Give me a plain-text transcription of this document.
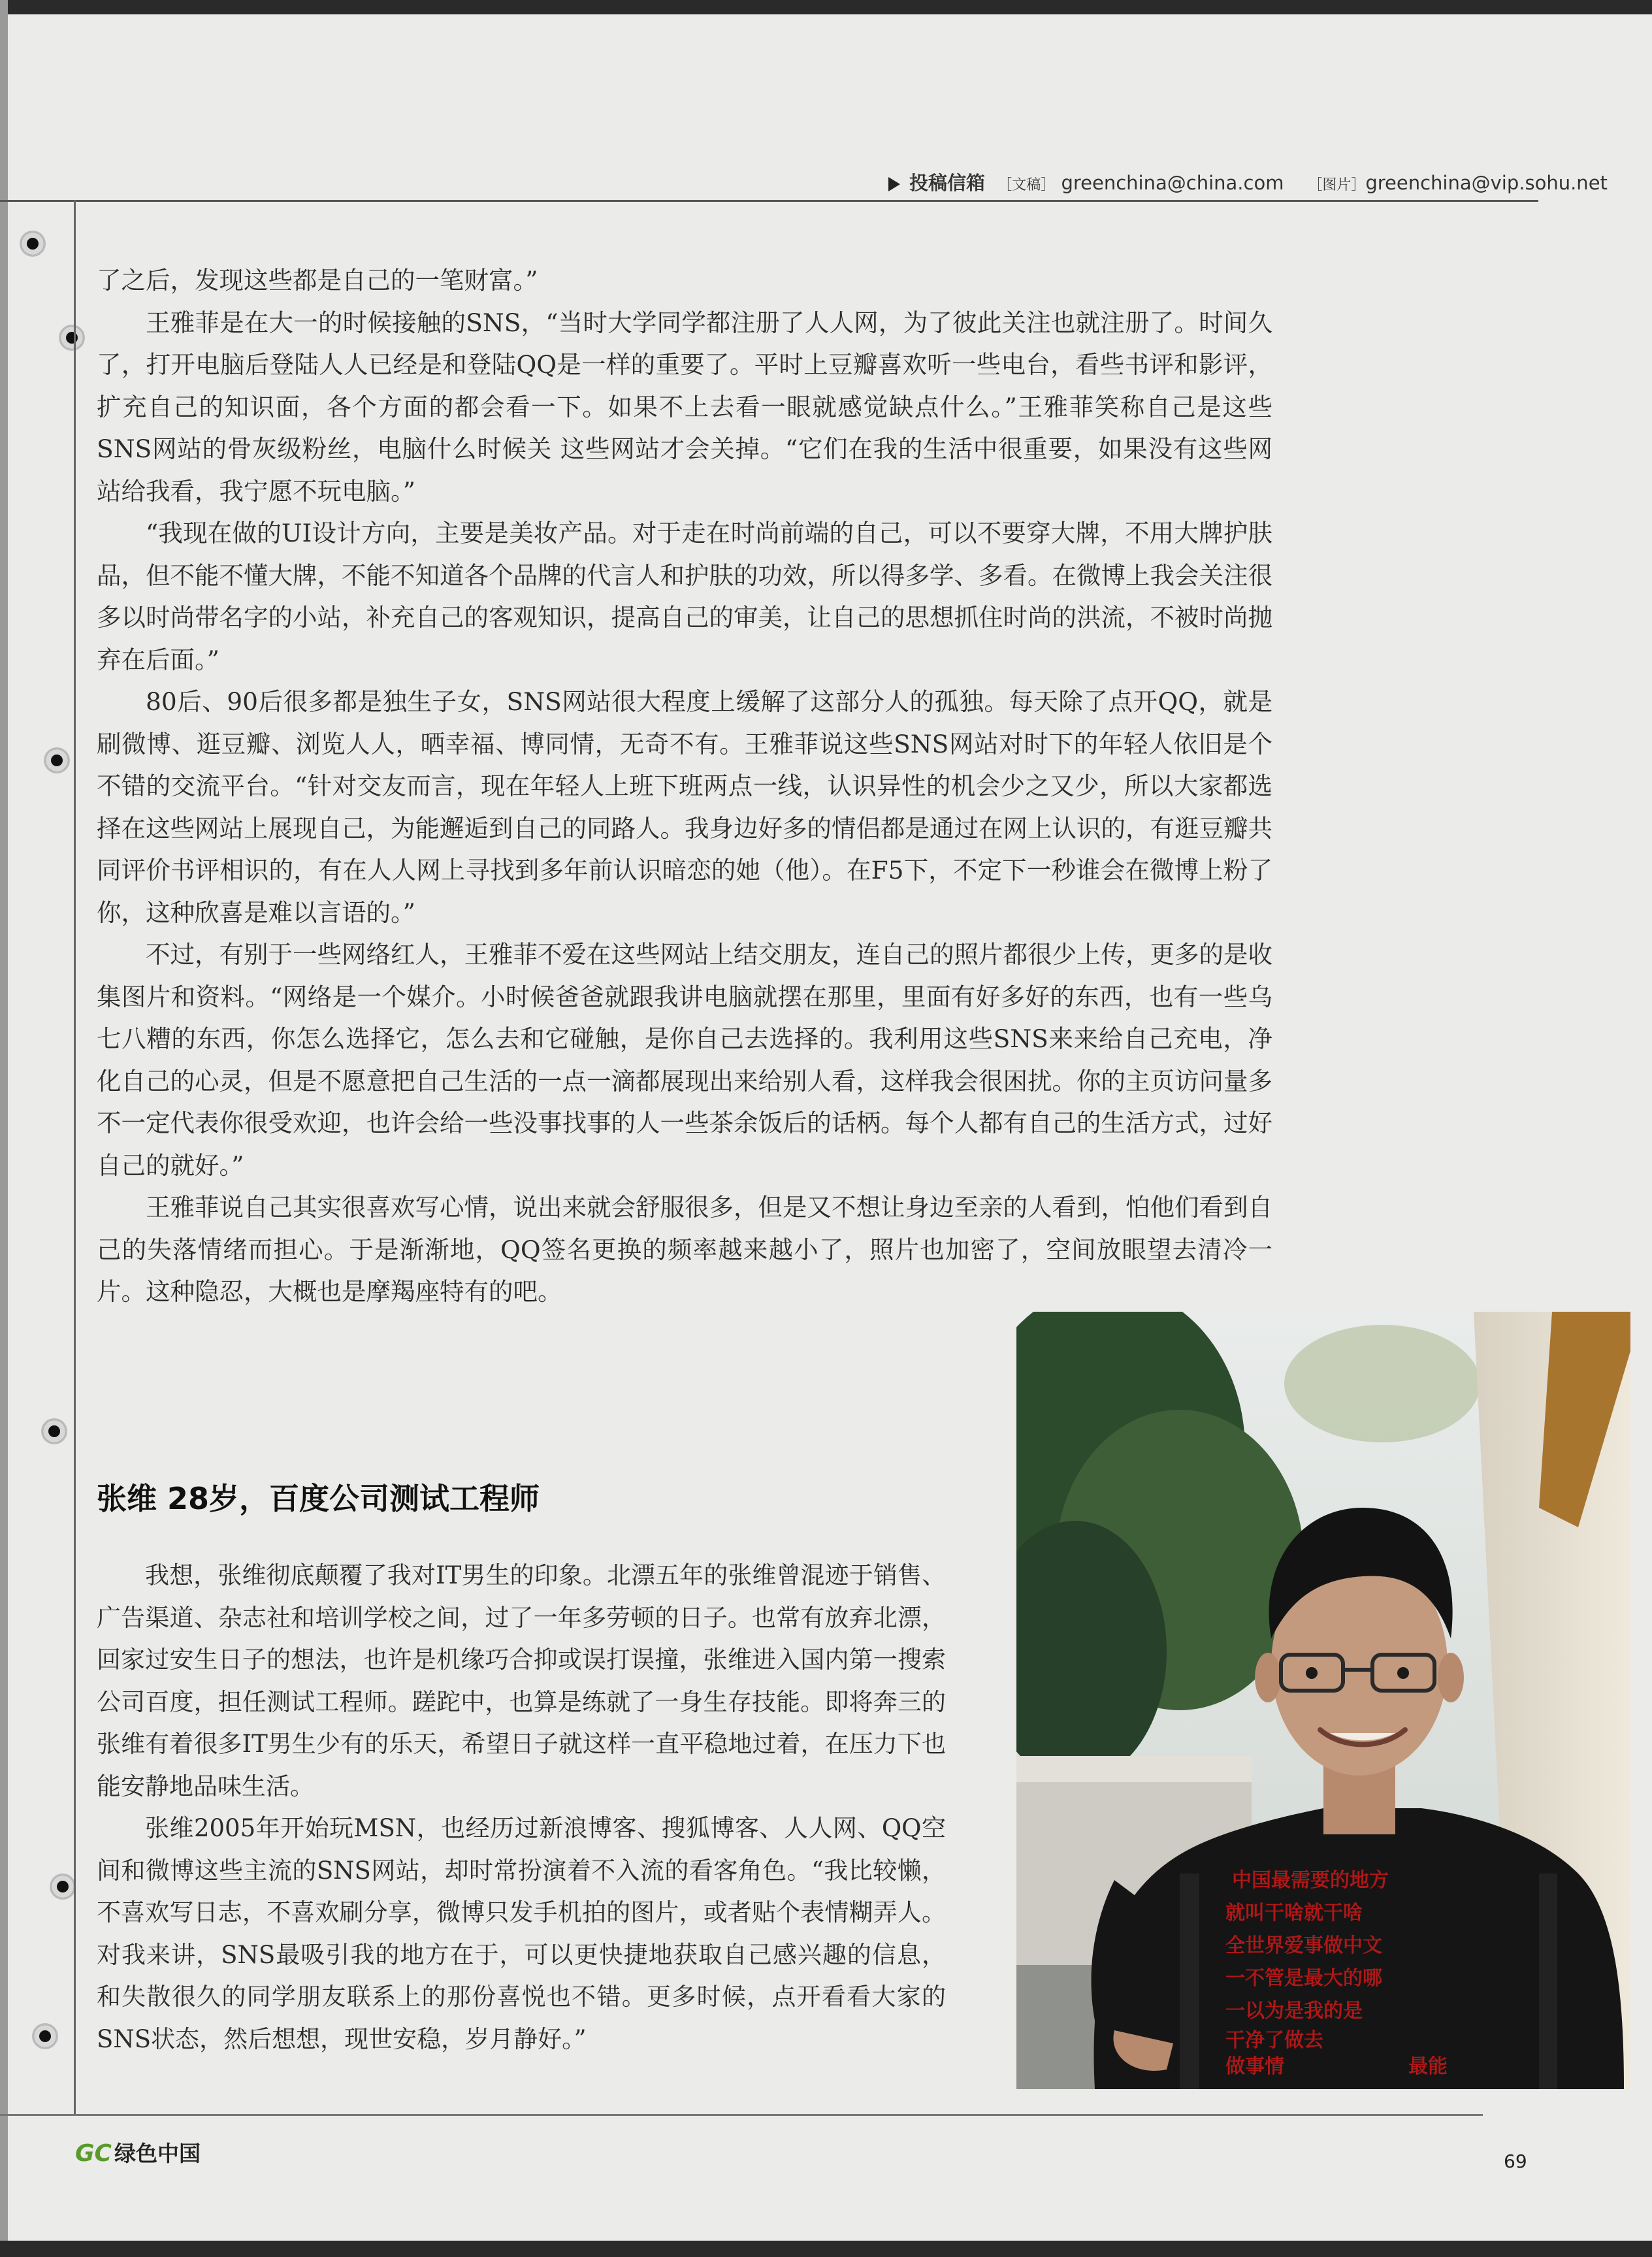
投稿信箱 ［文稿］ greenchina@china.com ［图片］greenchina@vip.sohu.net

了之后，发现这些都是自己的一笔财富。”

王雅菲是在大一的时候接触的SNS，“当时大学同学都注册了人人网，为了彼此关注也就注册了。时间久了，打开电脑后登陆人人已经是和登陆QQ是一样的重要了。平时上豆瓣喜欢听一些电台，看些书评和影评，扩充自己的知识面，各个方面的都会看一下。如果不上去看一眼就感觉缺点什么。”王雅菲笑称自己是这些SNS网站的骨灰级粉丝，电脑什么时候关 这些网站才会关掉。“它们在我的生活中很重要，如果没有这些网站给我看，我宁愿不玩电脑。”

“我现在做的UI设计方向，主要是美妆产品。对于走在时尚前端的自己，可以不要穿大牌，不用大牌护肤品，但不能不懂大牌，不能不知道各个品牌的代言人和护肤的功效，所以得多学、多看。在微博上我会关注很多以时尚带名字的小站，补充自己的客观知识，提高自己的审美，让自己的思想抓住时尚的洪流，不被时尚抛弃在后面。”

80后、90后很多都是独生子女，SNS网站很大程度上缓解了这部分人的孤独。每天除了点开QQ，就是刷微博、逛豆瓣、浏览人人，晒幸福、博同情，无奇不有。王雅菲说这些SNS网站对时下的年轻人依旧是个不错的交流平台。“针对交友而言，现在年轻人上班下班两点一线，认识异性的机会少之又少，所以大家都选择在这些网站上展现自己，为能邂逅到自己的同路人。我身边好多的情侣都是通过在网上认识的，有逛豆瓣共同评价书评相识的，有在人人网上寻找到多年前认识暗恋的她（他）。在F5下，不定下一秒谁会在微博上粉了你，这种欣喜是难以言语的。”

不过，有别于一些网络红人，王雅菲不爱在这些网站上结交朋友，连自己的照片都很少上传，更多的是收集图片和资料。“网络是一个媒介。小时候爸爸就跟我讲电脑就摆在那里，里面有好多好的东西，也有一些乌七八糟的东西，你怎么选择它，怎么去和它碰触，是你自己去选择的。我利用这些SNS来来给自己充电，净化自己的心灵，但是不愿意把自己生活的一点一滴都展现出来给别人看，这样我会很困扰。你的主页访问量多不一定代表你很受欢迎，也许会给一些没事找事的人一些茶余饭后的话柄。每个人都有自己的生活方式，过好自己的就好。”

王雅菲说自己其实很喜欢写心情，说出来就会舒服很多，但是又不想让身边至亲的人看到，怕他们看到自己的失落情绪而担心。于是渐渐地，QQ签名更换的频率越来越小了，照片也加密了，空间放眼望去清冷一片。这种隐忍，大概也是摩羯座特有的吧。

张维 28岁，百度公司测试工程师

我想，张维彻底颠覆了我对IT男生的印象。北漂五年的张维曾混迹于销售、广告渠道、杂志社和培训学校之间，过了一年多劳顿的日子。也常有放弃北漂，回家过安生日子的想法，也许是机缘巧合抑或误打误撞，张维进入国内第一搜索公司百度，担任测试工程师。蹉跎中，也算是练就了一身生存技能。即将奔三的张维有着很多IT男生少有的乐天，希望日子就这样一直平稳地过着，在压力下也能安静地品味生活。

张维2005年开始玩MSN，也经历过新浪博客、搜狐博客、人人网、QQ空间和微博这些主流的SNS网站，却时常扮演着不入流的看客角色。“我比较懒，不喜欢写日志，不喜欢刷分享，微博只发手机拍的图片，或者贴个表情糊弄人。对我来讲，SNS最吸引我的地方在于，可以更快捷地获取自己感兴趣的信息，和失散很久的同学朋友联系上的那份喜悦也不错。更多时候，点开看看大家的SNS状态，然后想想，现世安稳，岁月静好。”

中国最需要的地方
就叫干啥就干啥
全世界爱事做中文
一不管是最大的哪
一以为是我的是
干净了做去
做事情	最能
GC 绿色中国	69
